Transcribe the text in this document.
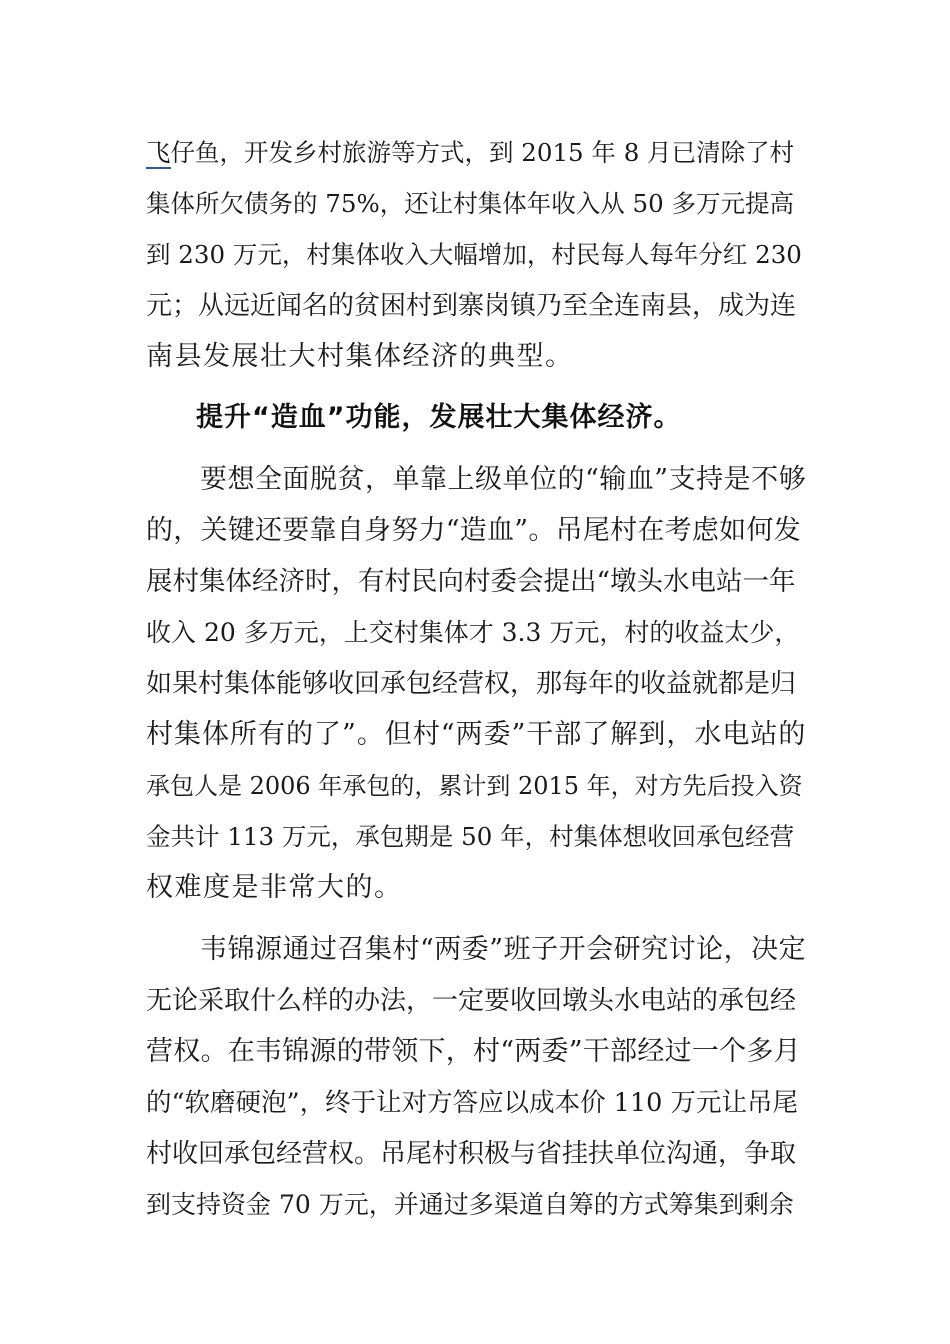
飞仔鱼，开发乡村旅游等方式，到 2015 年 8 月已清除了村
集体所欠债务的 75%，还让村集体年收入从 50 多万元提高
到 230 万元，村集体收入大幅增加，村民每人每年分红 230
元；从远近闻名的贫困村到寨岗镇乃至全连南县，成为连
南县发展壮大村集体经济的典型。
提升“造血”功能，发展壮大集体经济。
要想全面脱贫，单靠上级单位的“输血”支持是不够
的，关键还要靠自身努力“造血”。吊尾村在考虑如何发
展村集体经济时，有村民向村委会提出“墩头水电站一年
收入 20 多万元，上交村集体才 3.3 万元，村的收益太少，
如果村集体能够收回承包经营权，那每年的收益就都是归
村集体所有的了”。但村“两委”干部了解到，水电站的
承包人是 2006 年承包的，累计到 2015 年，对方先后投入资
金共计 113 万元，承包期是 50 年，村集体想收回承包经营
权难度是非常大的。
韦锦源通过召集村“两委”班子开会研究讨论，决定
无论采取什么样的办法，一定要收回墩头水电站的承包经
营权。在韦锦源的带领下，村“两委”干部经过一个多月
的“软磨硬泡”，终于让对方答应以成本价 110 万元让吊尾
村收回承包经营权。吊尾村积极与省挂扶单位沟通，争取
到支持资金 70 万元，并通过多渠道自筹的方式筹集到剩余
